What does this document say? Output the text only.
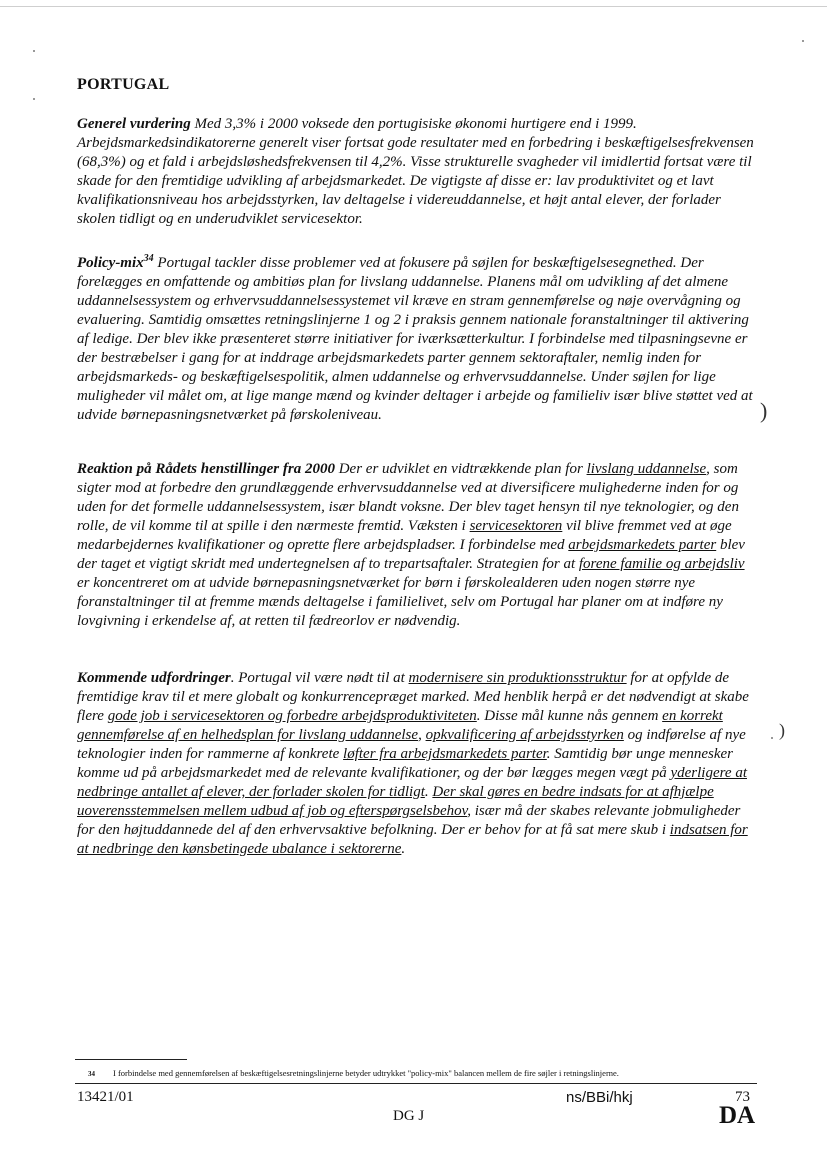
PORTUGAL
Generel vurdering Med 3,3% i 2000 voksede den portugisiske økonomi hurtigere end i 1999. Arbejdsmarkedsindikatorerne generelt viser fortsat gode resultater med en forbedring i beskæftigelsesfrekvensen (68,3%) og et fald i arbejdsløshedsfrekvensen til 4,2%. Visse strukturelle svagheder vil imidlertid fortsat være til skade for den fremtidige udvikling af arbejdsmarkedet. De vigtigste af disse er: lav produktivitet og et lavt kvalifikationsniveau hos arbejdsstyrken, lav deltagelse i videreuddannelse, et højt antal elever, der forlader skolen tidligt og en underudviklet servicesektor.
Policy-mix$^{34}$ Portugal tackler disse problemer ved at fokusere på søjlen for beskæftigelsesegnethed. Der forelægges en omfattende og ambitiøs plan for livslang uddannelse. Planens mål om udvikling af det almene uddannelsessystem og erhvervsuddannelsessystemet vil kræve en stram gennemførelse og nøje overvågning og evaluering. Samtidig omsættes retningslinjerne 1 og 2 i praksis gennem nationale foranstaltninger til aktivering af ledige. Der blev ikke præsenteret større initiativer for iværksætterkultur. I forbindelse med tilpasningsevne er der bestræbelser i gang for at inddrage arbejdsmarkedets parter gennem sektoraftaler, nemlig inden for arbejdsmarkeds- og beskæftigelsespolitik, almen uddannelse og erhvervsuddannelse. Under søjlen for lige muligheder vil målet om, at lige mange mænd og kvinder deltager i arbejde og familieliv især blive støttet ved at udvide børnepasningsnetværket på førskoleniveau.
Reaktion på Rådets henstillinger fra 2000 Der er udviklet en vidtrækkende plan for livslang uddannelse, som sigter mod at forbedre den grundlæggende erhvervsuddannelse ved at diversificere mulighederne inden for og uden for det formelle uddannelsessystem, især blandt voksne. Der blev taget hensyn til nye teknologier, og den rolle, de vil komme til at spille i den nærmeste fremtid. Væksten i servicesektoren vil blive fremmet ved at øge medarbejdernes kvalifikationer og oprette flere arbejdspladser. I forbindelse med arbejdsmarkedets parter blev der taget et vigtigt skridt med undertegnelsen af to trepartsaftaler. Strategien for at forene familie og arbejdsliv er koncentreret om at udvide børnepasningsnetværket for børn i førskolealderen uden nogen større nye foranstaltninger til at fremme mænds deltagelse i familielivet, selv om Portugal har planer om at indføre ny lovgivning i erkendelse af, at retten til fædreorlov er nødvendig.
Kommende udfordringer. Portugal vil være nødt til at modernisere sin produktionsstruktur for at opfylde de fremtidige krav til et mere globalt og konkurrencepræget marked. Med henblik herpå er det nødvendigt at skabe flere gode job i servicesektoren og forbedre arbejdsproduktiviteten. Disse mål kunne nås gennem en korrekt gennemførelse af en helhedsplan for livslang uddannelse, opkvalificering af arbejdsstyrken og indførelse af nye teknologier inden for rammerne af konkrete løfter fra arbejdsmarkedets parter. Samtidig bør unge mennesker komme ud på arbejdsmarkedet med de relevante kvalifikationer, og der bør lægges megen vægt på yderligere at nedbringe antallet af elever, der forlader skolen for tidligt. Der skal gøres en bedre indsats for at afhjælpe uoverensstemmelsen mellem udbud af job og efterspørgselsbehov, især må der skabes relevante jobmuligheder for den højtuddannede del af den erhvervsaktive befolkning. Der er behov for at få sat mere skub i indsatsen for at nedbringe den kønsbetingede ubalance i sektorerne.
34 I forbindelse med gennemførelsen af beskæftigelsesretningslinjerne betyder udtrykket "policy-mix" balancen mellem de fire søjler i retningslinjerne.
13421/01	ns/BBi/hkj	73
DG J	DA
)
)
